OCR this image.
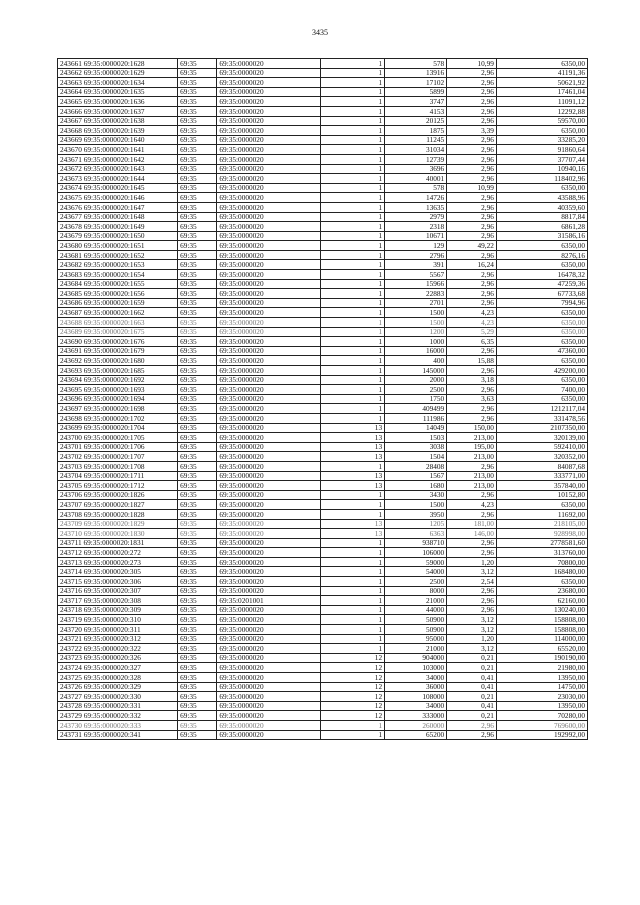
3435
243661 69:35:0000020:1628	69:35	69:35:0000020	1	578	10,99	6350,00
243662 69:35:0000020:1629	69:35	69:35:0000020	1	13916	2,96	41191,36
243663 69:35:0000020:1634	69:35	69:35:0000020	1	17102	2,96	50621,92
243664 69:35:0000020:1635	69:35	69:35:0000020	1	5899	2,96	17461,04
243665 69:35:0000020:1636	69:35	69:35:0000020	1	3747	2,96	11091,12
243666 69:35:0000020:1637	69:35	69:35:0000020	1	4153	2,96	12292,88
243667 69:35:0000020:1638	69:35	69:35:0000020	1	20125	2,96	59570,00
243668 69:35:0000020:1639	69:35	69:35:0000020	1	1875	3,39	6350,00
243669 69:35:0000020:1640	69:35	69:35:0000020	1	11245	2,96	33285,20
243670 69:35:0000020:1641	69:35	69:35:0000020	1	31034	2,96	91860,64
243671 69:35:0000020:1642	69:35	69:35:0000020	1	12739	2,96	37707,44
243672 69:35:0000020:1643	69:35	69:35:0000020	1	3696	2,96	10940,16
243673 69:35:0000020:1644	69:35	69:35:0000020	1	40001	2,96	118402,96
243674 69:35:0000020:1645	69:35	69:35:0000020	1	578	10,99	6350,00
243675 69:35:0000020:1646	69:35	69:35:0000020	1	14726	2,96	43588,96
243676 69:35:0000020:1647	69:35	69:35:0000020	1	13635	2,96	40359,60
243677 69:35:0000020:1648	69:35	69:35:0000020	1	2979	2,96	8817,84
243678 69:35:0000020:1649	69:35	69:35:0000020	1	2318	2,96	6861,28
243679 69:35:0000020:1650	69:35	69:35:0000020	1	10671	2,96	31586,16
243680 69:35:0000020:1651	69:35	69:35:0000020	1	129	49,22	6350,00
243681 69:35:0000020:1652	69:35	69:35:0000020	1	2796	2,96	8276,16
243682 69:35:0000020:1653	69:35	69:35:0000020	1	391	16,24	6350,00
243683 69:35:0000020:1654	69:35	69:35:0000020	1	5567	2,96	16478,32
243684 69:35:0000020:1655	69:35	69:35:0000020	1	15966	2,96	47259,36
243685 69:35:0000020:1656	69:35	69:35:0000020	1	22883	2,96	67733,68
243686 69:35:0000020:1659	69:35	69:35:0000020	1	2701	2,96	7994,96
243687 69:35:0000020:1662	69:35	69:35:0000020	1	1500	4,23	6350,00
243688 69:35:0000020:1663	69:35	69:35:0000020	1	1500	4,23	6350,00
243689 69:35:0000020:1675	69:35	69:35:0000020	1	1200	5,29	6350,00
243690 69:35:0000020:1676	69:35	69:35:0000020	1	1000	6,35	6350,00
243691 69:35:0000020:1679	69:35	69:35:0000020	1	16000	2,96	47360,00
243692 69:35:0000020:1680	69:35	69:35:0000020	1	400	15,88	6350,00
243693 69:35:0000020:1685	69:35	69:35:0000020	1	145000	2,96	429200,00
243694 69:35:0000020:1692	69:35	69:35:0000020	1	2000	3,18	6350,00
243695 69:35:0000020:1693	69:35	69:35:0000020	1	2500	2,96	7400,00
243696 69:35:0000020:1694	69:35	69:35:0000020	1	1750	3,63	6350,00
243697 69:35:0000020:1698	69:35	69:35:0000020	1	409499	2,96	1212117,04
243698 69:35:0000020:1702	69:35	69:35:0000020	1	111986	2,96	331478,56
243699 69:35:0000020:1704	69:35	69:35:0000020	13	14049	150,00	2107350,00
243700 69:35:0000020:1705	69:35	69:35:0000020	13	1503	213,00	320139,00
243701 69:35:0000020:1706	69:35	69:35:0000020	13	3038	195,00	592410,00
243702 69:35:0000020:1707	69:35	69:35:0000020	13	1504	213,00	320352,00
243703 69:35:0000020:1708	69:35	69:35:0000020	1	28408	2,96	84087,68
243704 69:35:0000020:1711	69:35	69:35:0000020	13	1567	213,00	333771,00
243705 69:35:0000020:1712	69:35	69:35:0000020	13	1680	213,00	357840,00
243706 69:35:0000020:1826	69:35	69:35:0000020	1	3430	2,96	10152,80
243707 69:35:0000020:1827	69:35	69:35:0000020	1	1500	4,23	6350,00
243708 69:35:0000020:1828	69:35	69:35:0000020	1	3950	2,96	11692,00
243709 69:35:0000020:1829	69:35	69:35:0000020	13	1205	181,00	218105,00
243710 69:35:0000020:1830	69:35	69:35:0000020	13	6363	146,00	928998,00
243711 69:35:0000020:1831	69:35	69:35:0000020	1	938710	2,96	2778581,60
243712 69:35:0000020:272	69:35	69:35:0000020	1	106000	2,96	313760,00
243713 69:35:0000020:273	69:35	69:35:0000020	1	59000	1,20	70800,00
243714 69:35:0000020:305	69:35	69:35:0000020	1	54000	3,12	168480,00
243715 69:35:0000020:306	69:35	69:35:0000020	1	2500	2,54	6350,00
243716 69:35:0000020:307	69:35	69:35:0000020	1	8000	2,96	23680,00
243717 69:35:0000020:308	69:35	69:35:0201001	1	21000	2,96	62160,00
243718 69:35:0000020:309	69:35	69:35:0000020	1	44000	2,96	130240,00
243719 69:35:0000020:310	69:35	69:35:0000020	1	50900	3,12	158808,00
243720 69:35:0000020:311	69:35	69:35:0000020	1	50900	3,12	158808,00
243721 69:35:0000020:312	69:35	69:35:0000020	1	95000	1,20	114000,00
243722 69:35:0000020:322	69:35	69:35:0000020	1	21000	3,12	65520,00
243723 69:35:0000020:326	69:35	69:35:0000020	12	904000	0,21	190190,00
243724 69:35:0000020:327	69:35	69:35:0000020	12	103000	0,21	21980,00
243725 69:35:0000020:328	69:35	69:35:0000020	12	34000	0,41	13950,00
243726 69:35:0000020:329	69:35	69:35:0000020	12	36000	0,41	14750,00
243727 69:35:0000020:330	69:35	69:35:0000020	12	108000	0,21	23030,00
243728 69:35:0000020:331	69:35	69:35:0000020	12	34000	0,41	13950,00
243729 69:35:0000020:332	69:35	69:35:0000020	12	333000	0,21	70280,00
243730 69:35:0000020:333	69:35	69:35:0000020	1	260000	2,96	769600,00
243731 69:35:0000020:341	69:35	69:35:0000020	1	65200	2,96	192992,00
